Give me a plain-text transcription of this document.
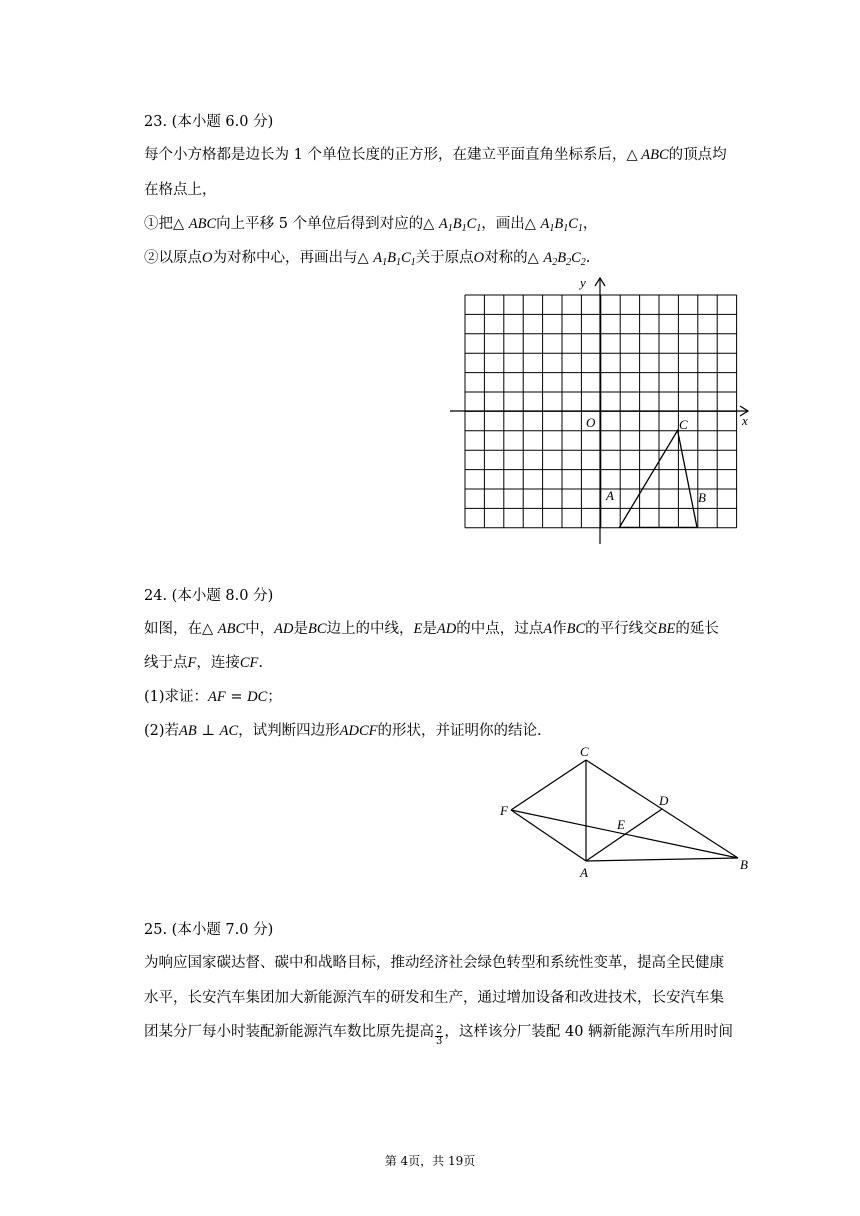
23. (本小题 6.0 分)
每个小方格都是边长为 1 个单位长度的正方形，在建立平面直角坐标系后，△ ABC的顶点均
在格点上，
①把△ ABC向上平移 5 个单位后得到对应的△ $A_1B_1C_1$，画出△ $A_1B_1C_1$，
②以原点O为对称中心，再画出与△ $A_1B_1C_1$关于原点O对称的△ $A_2B_2C_2$.
y
x
O	C
A	B
24. (本小题 8.0 分)
如图，在△ ABC中，AD是BC边上的中线，E是AD的中点，过点A作BC的平行线交BE的延长
线于点F，连接CF.
(1)求证：AF = DC；
(2)若AB ⊥ AC，试判断四边形ADCF的形状，并证明你的结论.
C
D
F
E
A
B
25. (本小题 7.0 分)
为响应国家碳达督、碳中和战略目标，推动经济社会绿色转型和系统性变革，提高全民健康
水平，长安汽车集团加大新能源汽车的研发和生产，通过增加设备和改进技术，长安汽车集
团某分厂每小时装配新能源汽车数比原先提高 $\frac{2}{3}$ ，这样该分厂装配 40 辆新能源汽车所用时间
第 4页，共 19页
